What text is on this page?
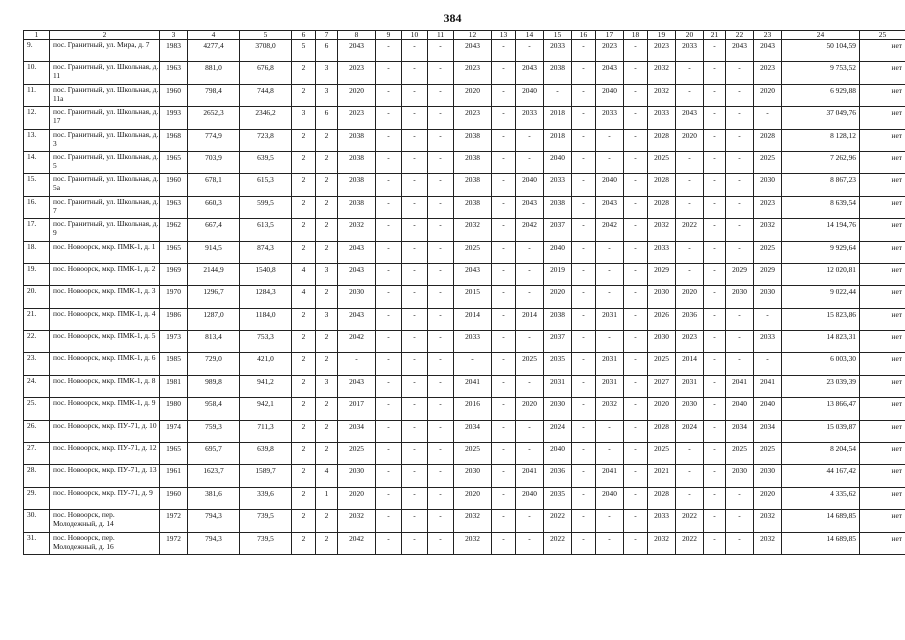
384
1	2	3	4	5	6	7	8	9	10	11	12	13	14	15	16	17	18	19	20	21	22	23	24	25
9.	пос. Гранитный, ул. Мира, д. 7	1983	4277,4	3708,0	5	6	2043	-	-	-	2043	-	-	2033	-	2023	-	2023	2033	-	2043	2043	50 104,59	нет
10.	пос. Гранитный, ул. Школьная, д. 11	1963	881,0	676,8	2	3	2023	-	-	-	2023	-	2043	2038	-	2043	-	2032	-	-	-	2023	9 753,52	нет
11.	пос. Гранитный, ул. Школьная, д. 11а	1960	798,4	744,8	2	3	2020	-	-	-	2020	-	2040	-	-	2040	-	2032	-	-	-	2020	6 929,88	нет
12.	пос. Гранитный, ул. Школьная, д. 17	1993	2652,3	2346,2	3	6	2023	-	-	-	2023	-	2033	2018	-	2033	-	2033	2043	-	-	-	37 049,76	нет
13.	пос. Гранитный, ул. Школьная, д. 3	1968	774,9	723,8	2	2	2038	-	-	-	2038	-	-	2018	-	-	-	2028	2020	-	-	2028	8 128,12	нет
14.	пос. Гранитный, ул. Школьная, д. 5	1965	703,9	639,5	2	2	2038	-	-	-	2038	-	-	2040	-	-	-	2025	-	-	-	2025	7 262,96	нет
15.	пос. Гранитный, ул. Школьная, д. 5а	1960	678,1	615,3	2	2	2038	-	-	-	2038	-	2040	2033	-	2040	-	2028	-	-	-	2030	8 867,23	нет
16.	пос. Гранитный, ул. Школьная, д. 7	1963	660,3	599,5	2	2	2038	-	-	-	2038	-	2043	2038	-	2043	-	2028	-	-	-	2023	8 639,54	нет
17.	пос. Гранитный, ул. Школьная, д. 9	1962	667,4	613,5	2	2	2032	-	-	-	2032	-	2042	2037	-	2042	-	2032	2022	-	-	2032	14 194,76	нет
18.	пос. Новоорск, мкр. ПМК-1, д. 1	1965	914,5	874,3	2	2	2043	-	-	-	2025	-	-	2040	-	-	-	2033	-	-	-	2025	9 929,64	нет
19.	пос. Новоорск, мкр. ПМК-1, д. 2	1969	2144,9	1540,8	4	3	2043	-	-	-	2043	-	-	2019	-	-	-	2029	-	-	2029	2029	12 020,81	нет
20.	пос. Новоорск, мкр. ПМК-1, д. 3	1970	1296,7	1284,3	4	2	2030	-	-	-	2015	-	-	2020	-	-	-	2030	2020	-	2030	2030	9 022,44	нет
21.	пос. Новоорск, мкр. ПМК-1, д. 4	1986	1287,0	1184,0	2	3	2043	-	-	-	2014	-	2014	2038	-	2031	-	2026	2036	-	-	-	15 823,86	нет
22.	пос. Новоорск, мкр. ПМК-1, д. 5	1973	813,4	753,3	2	2	2042	-	-	-	2033	-	-	2037	-	-	-	2030	2023	-	-	2033	14 823,31	нет
23.	пос. Новоорск, мкр. ПМК-1, д. 6	1985	729,0	421,0	2	2	-	-	-	-	-	-	2025	2035	-	2031	-	2025	2014	-	-	-	6 003,30	нет
24.	пос. Новоорск, мкр. ПМК-1, д. 8	1981	989,8	941,2	2	3	2043	-	-	-	2041	-	-	2031	-	2031	-	2027	2031	-	2041	2041	23 039,39	нет
25.	пос. Новоорск, мкр. ПМК-1, д. 9	1980	958,4	942,1	2	2	2017	-	-	-	2016	-	2020	2030	-	2032	-	2020	2030	-	2040	2040	13 866,47	нет
26.	пос. Новоорск, мкр. ПУ-71, д. 10	1974	759,3	711,3	2	2	2034	-	-	-	2034	-	-	2024	-	-	-	2028	2024	-	2034	2034	15 039,87	нет
27.	пос. Новоорск, мкр. ПУ-71, д. 12	1965	695,7	639,8	2	2	2025	-	-	-	2025	-	-	2040	-	-	-	2025	-	-	2025	2025	8 204,54	нет
28.	пос. Новоорск, мкр. ПУ-71, д. 13	1961	1623,7	1589,7	2	4	2030	-	-	-	2030	-	2041	2036	-	2041	-	2021	-	-	2030	2030	44 167,42	нет
29.	пос. Новоорск, мкр. ПУ-71, д. 9	1960	381,6	339,6	2	1	2020	-	-	-	2020	-	2040	2035	-	2040	-	2028	-	-	-	2020	4 335,62	нет
30.	пос. Новоорск, пер. Молодежный, д. 14	1972	794,3	739,5	2	2	2032	-	-	-	2032	-	-	2022	-	-	-	2033	2022	-	-	2032	14 689,85	нет
31.	пос. Новоорск, пер. Молодежный, д. 16	1972	794,3	739,5	2	2	2042	-	-	-	2032	-	-	2022	-	-	-	2032	2022	-	-	2032	14 689,85	нет
